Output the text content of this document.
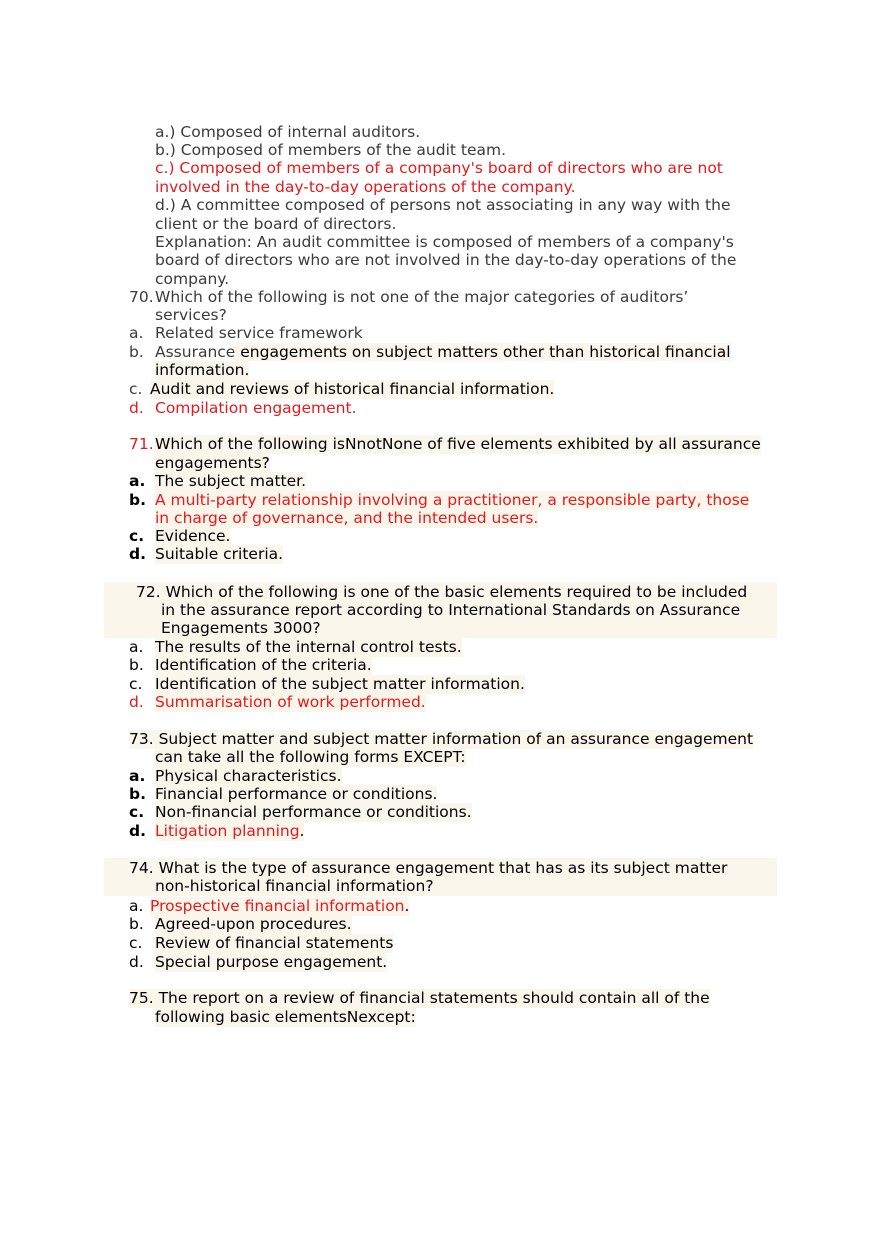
a.) Composed of internal auditors.
b.) Composed of members of the audit team.
c.) Composed of members of a company's board of directors who are not
involved in the day-to-day operations of the company.
d.) A committee composed of persons not associating in any way with the
client or the board of directors.
Explanation: An audit committee is composed of members of a company's
board of directors who are not involved in the day-to-day operations of the
company.
70. Which of the following is not one of the major categories of auditors’
services?
a. Related service framework
b. Assurance engagements on subject matters other than historical financial
information.
c. Audit and reviews of historical financial information.
d. Compilation engagement.
71. Which of the following isNnotNone of five elements exhibited by all assurance
engagements?
a. The subject matter.
b. A multi-party relationship involving a practitioner, a responsible party, those
in charge of governance, and the intended users.
c. Evidence.
d. Suitable criteria.
72. Which of the following is one of the basic elements required to be included
in the assurance report according to International Standards on Assurance
Engagements 3000?
a. The results of the internal control tests.
b. Identification of the criteria.
c. Identification of the subject matter information.
d. Summarisation of work performed.
73. Subject matter and subject matter information of an assurance engagement
can take all the following forms EXCEPT:
a. Physical characteristics.
b. Financial performance or conditions.
c. Non-financial performance or conditions.
d. Litigation planning.
74. What is the type of assurance engagement that has as its subject matter
non-historical financial information?
a. Prospective financial information.
b. Agreed-upon procedures.
c. Review of financial statements
d. Special purpose engagement.
75. The report on a review of financial statements should contain all of the
following basic elementsNexcept:
